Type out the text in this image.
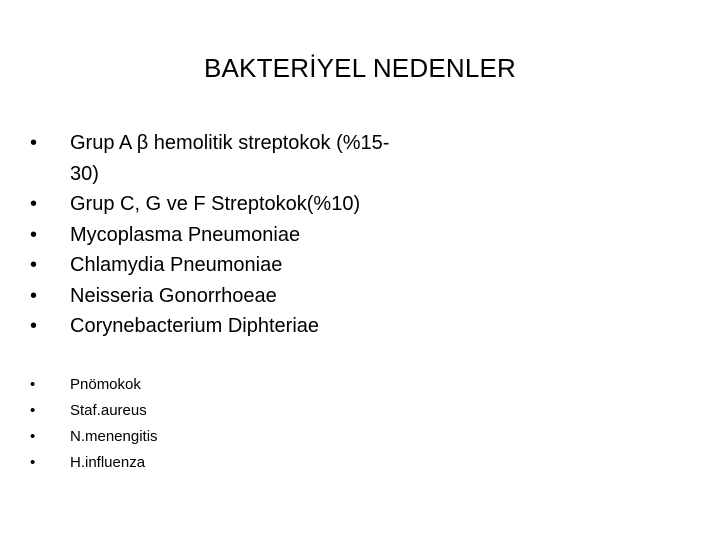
BAKTERİYEL NEDENLER
•	Grup A β hemolitik streptokok (%15-30)
•	Grup C, G ve F Streptokok(%10)
•	Mycoplasma Pneumoniae
•	Chlamydia Pneumoniae
•	Neisseria Gonorrhoeae
•	Corynebacterium Diphteriae
•	Pnömokok
•	Staf.aureus
•	N.menengitis
•	H.influenza
